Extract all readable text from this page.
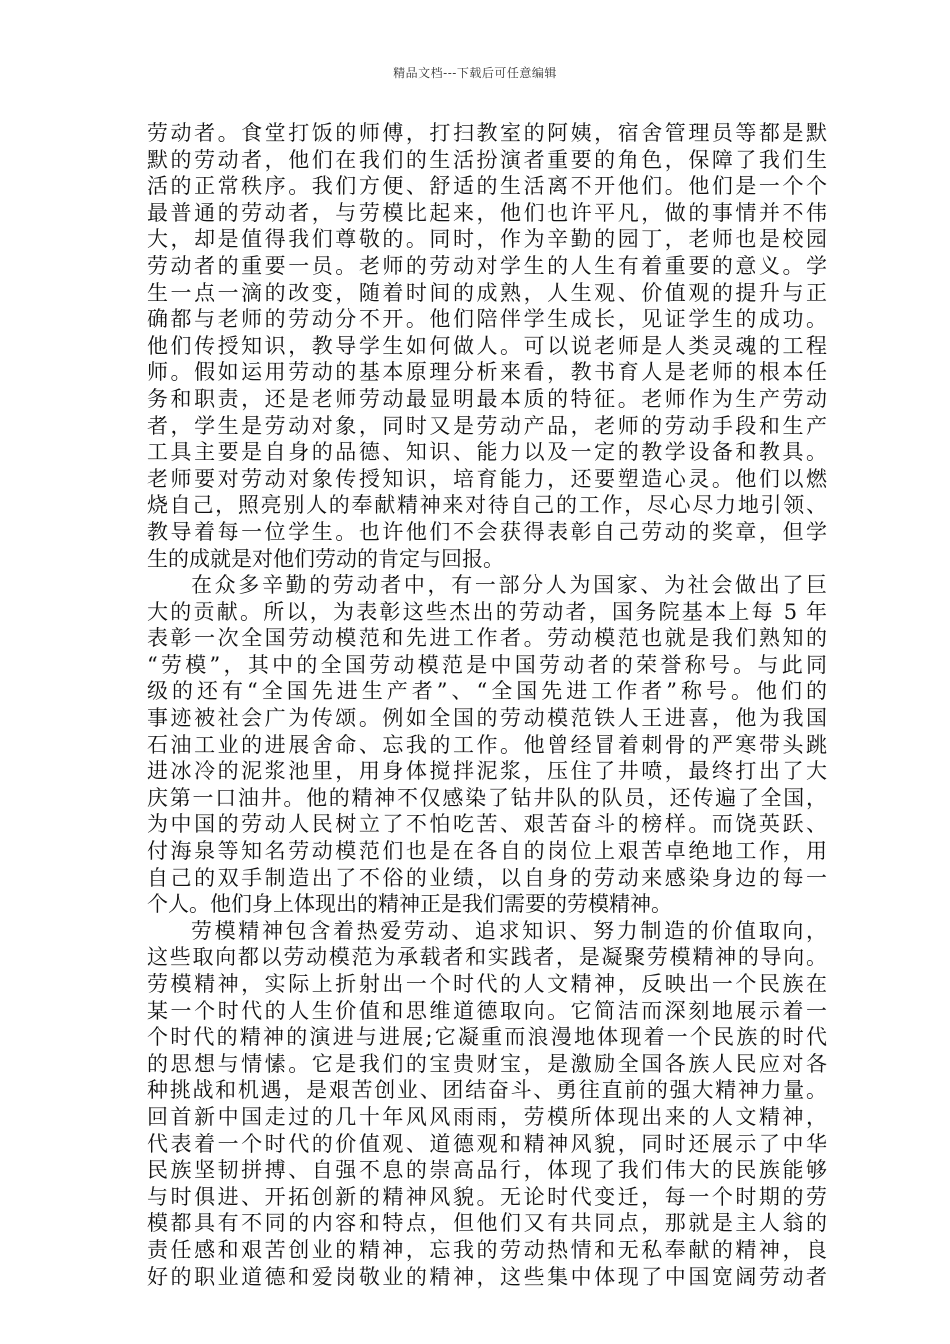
精品文档---下载后可任意编辑
劳动者。食堂打饭的师傅，打扫教室的阿姨，宿舍管理员等都是默
默的劳动者，他们在我们的生活扮演者重要的角色，保障了我们生
活的正常秩序。我们方便、舒适的生活离不开他们。他们是一个个
最普通的劳动者，与劳模比起来，他们也许平凡，做的事情并不伟
大，却是值得我们尊敬的。同时，作为辛勤的园丁，老师也是校园
劳动者的重要一员。老师的劳动对学生的人生有着重要的意义。学
生一点一滴的改变，随着时间的成熟，人生观、价值观的提升与正
确都与老师的劳动分不开。他们陪伴学生成长，见证学生的成功。
他们传授知识，教导学生如何做人。可以说老师是人类灵魂的工程
师。假如运用劳动的基本原理分析来看，教书育人是老师的根本任
务和职责，还是老师劳动最显明最本质的特征。老师作为生产劳动
者，学生是劳动对象，同时又是劳动产品，老师的劳动手段和生产
工具主要是自身的品德、知识、能力以及一定的教学设备和教具。
老师要对劳动对象传授知识，培育能力，还要塑造心灵。他们以燃
烧自己，照亮别人的奉献精神来对待自己的工作，尽心尽力地引领、
教导着每一位学生。也许他们不会获得表彰自己劳动的奖章，但学
生的成就是对他们劳动的肯定与回报。
在众多辛勤的劳动者中，有一部分人为国家、为社会做出了巨
大的贡献。所以，为表彰这些杰出的劳动者，国务院基本上每 5 年
表彰一次全国劳动模范和先进工作者。劳动模范也就是我们熟知的
“劳模”，其中的全国劳动模范是中国劳动者的荣誉称号。与此同
级的还有“全国先进生产者”、“全国先进工作者”称号。他们的
事迹被社会广为传颂。例如全国的劳动模范铁人王进喜，他为我国
石油工业的进展舍命、忘我的工作。他曾经冒着刺骨的严寒带头跳
进冰冷的泥浆池里，用身体搅拌泥浆，压住了井喷，最终打出了大
庆第一口油井。他的精神不仅感染了钻井队的队员，还传遍了全国，
为中国的劳动人民树立了不怕吃苦、艰苦奋斗的榜样。而饶英跃、
付海泉等知名劳动模范们也是在各自的岗位上艰苦卓绝地工作，用
自己的双手制造出了不俗的业绩，以自身的劳动来感染身边的每一
个人。他们身上体现出的精神正是我们需要的劳模精神。
劳模精神包含着热爱劳动、追求知识、努力制造的价值取向，
这些取向都以劳动模范为承载者和实践者，是凝聚劳模精神的导向。
劳模精神，实际上折射出一个时代的人文精神，反映出一个民族在
某一个时代的人生价值和思维道德取向。它简洁而深刻地展示着一
个时代的精神的演进与进展;它凝重而浪漫地体现着一个民族的时代
的思想与情愫。它是我们的宝贵财宝，是激励全国各族人民应对各
种挑战和机遇，是艰苦创业、团结奋斗、勇往直前的强大精神力量。
回首新中国走过的几十年风风雨雨，劳模所体现出来的人文精神，
代表着一个时代的价值观、道德观和精神风貌，同时还展示了中华
民族坚韧拼搏、自强不息的崇高品行，体现了我们伟大的民族能够
与时俱进、开拓创新的精神风貌。无论时代变迁，每一个时期的劳
模都具有不同的内容和特点，但他们又有共同点，那就是主人翁的
责任感和艰苦创业的精神，忘我的劳动热情和无私奉献的精神，良
好的职业道德和爱岗敬业的精神，这些集中体现了中国宽阔劳动者
